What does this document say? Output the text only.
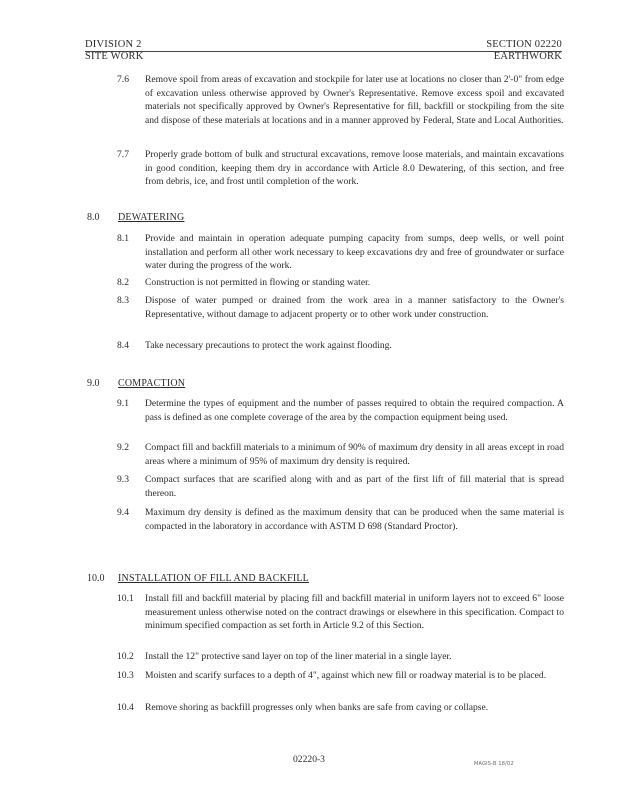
DIVISION 2
SITE WORK
SECTION 02220
EARTHWORK
7.6 Remove spoil from areas of excavation and stockpile for later use at locations no closer than 2'-0" from edge of excavation unless otherwise approved by Owner's Representative. Remove excess spoil and excavated materials not specifically approved by Owner's Representative for fill, backfill or stockpiling from the site and dispose of these materials at locations and in a manner approved by Federal, State and Local Authorities.
7.7 Properly grade bottom of bulk and structural excavations, remove loose materials, and maintain excavations in good condition, keeping them dry in accordance with Article 8.0 Dewatering, of this section, and free from debris, ice, and frost until completion of the work.
8.0 DEWATERING
8.1 Provide and maintain in operation adequate pumping capacity from sumps, deep wells, or well point installation and perform all other work necessary to keep excavations dry and free of groundwater or surface water during the progress of the work.
8.2 Construction is not permitted in flowing or standing water.
8.3 Dispose of water pumped or drained from the work area in a manner satisfactory to the Owner's Representative, without damage to adjacent property or to other work under construction.
8.4 Take necessary precautions to protect the work against flooding.
9.0 COMPACTION
9.1 Determine the types of equipment and the number of passes required to obtain the required compaction. A pass is defined as one complete coverage of the area by the compaction equipment being used.
9.2 Compact fill and backfill materials to a minimum of 90% of maximum dry density in all areas except in road areas where a minimum of 95% of maximum dry density is required.
9.3 Compact surfaces that are scarified along with and as part of the first lift of fill material that is spread thereon.
9.4 Maximum dry density is defined as the maximum density that can be produced when the same material is compacted in the laboratory in accordance with ASTM D 698 (Standard Proctor).
10.0 INSTALLATION OF FILL AND BACKFILL
10.1 Install fill and backfill material by placing fill and backfill material in uniform layers not to exceed 6" loose measurement unless otherwise noted on the contract drawings or elsewhere in this specification. Compact to minimum specified compaction as set forth in Article 9.2 of this Section.
10.2 Install the 12" protective sand layer on top of the liner material in a single layer.
10.3 Moisten and scarify surfaces to a depth of 4", against which new fill or roadway material is to be placed.
10.4 Remove shoring as backfill progresses only when banks are safe from caving or collapse.
02220-3	MAGIS-B 18/02
